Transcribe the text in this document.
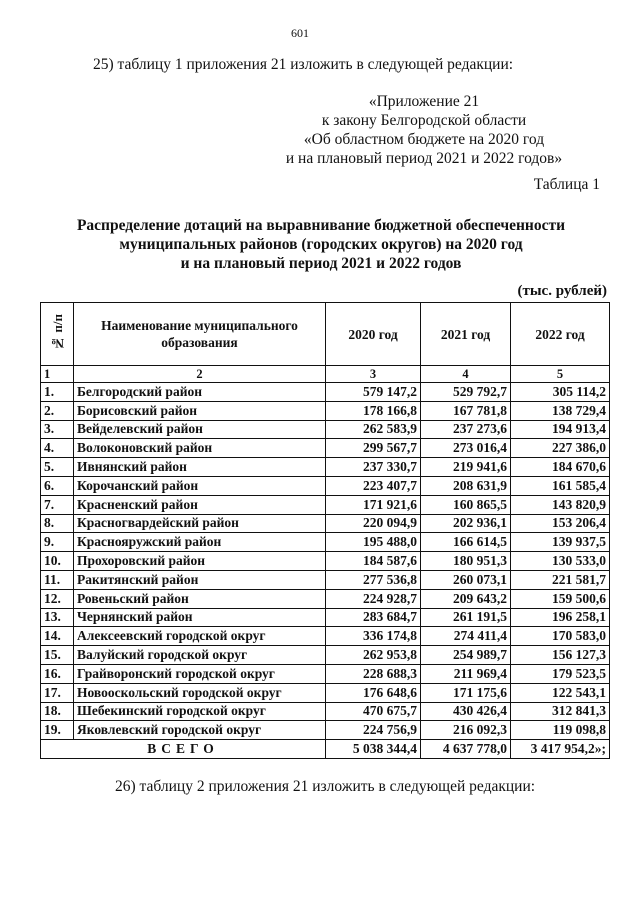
601
25) таблицу 1 приложения 21 изложить в следующей редакции:
«Приложение 21
к закону Белгородской области
«Об областном бюджете на 2020 год
и на плановый период 2021 и 2022 годов»
Таблица 1
Распределение дотаций на выравнивание бюджетной обеспеченности
муниципальных районов (городских округов) на 2020 год
и на плановый период 2021 и 2022 годов
(тыс. рублей)
№ п/п	Наименование муниципального образования	2020 год	2021 год	2022 год
1	2	3	4	5
1.	Белгородский район	579 147,2	529 792,7	305 114,2
2.	Борисовский район	178 166,8	167 781,8	138 729,4
3.	Вейделевский район	262 583,9	237 273,6	194 913,4
4.	Волоконовский район	299 567,7	273 016,4	227 386,0
5.	Ивнянский район	237 330,7	219 941,6	184 670,6
6.	Корочанский район	223 407,7	208 631,9	161 585,4
7.	Красненский район	171 921,6	160 865,5	143 820,9
8.	Красногвардейский район	220 094,9	202 936,1	153 206,4
9.	Краснояружский район	195 488,0	166 614,5	139 937,5
10.	Прохоровский район	184 587,6	180 951,3	130 533,0
11.	Ракитянский район	277 536,8	260 073,1	221 581,7
12.	Ровеньский район	224 928,7	209 643,2	159 500,6
13.	Чернянский район	283 684,7	261 191,5	196 258,1
14.	Алексеевский городской округ	336 174,8	274 411,4	170 583,0
15.	Валуйский городской округ	262 953,8	254 989,7	156 127,3
16.	Грайворонский городской округ	228 688,3	211 969,4	179 523,5
17.	Новооскольский городской округ	176 648,6	171 175,6	122 543,1
18.	Шебекинский городской округ	470 675,7	430 426,4	312 841,3
19.	Яковлевский городской округ	224 756,9	216 092,3	119 098,8
ВСЕГО		5 038 344,4	4 637 778,0	3 417 954,2»;
26) таблицу 2 приложения 21 изложить в следующей редакции:
